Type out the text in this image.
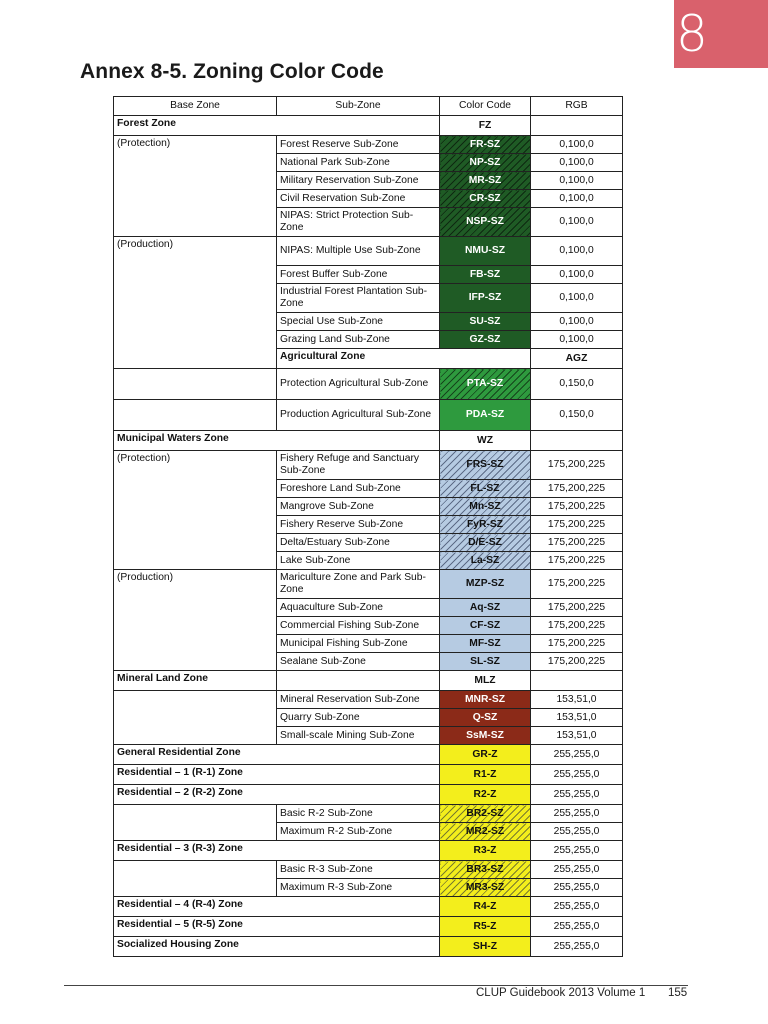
8
Annex 8-5. Zoning Color Code
Base Zone	Sub-Zone	Color Code	RGB	
Forest Zone		FZ		
(Protection)	Forest Reserve Sub-Zone	FR-SZ	0,100,0	
	National Park Sub-Zone	NP-SZ	0,100,0	
	Military Reservation Sub-Zone	MR-SZ	0,100,0	
	Civil Reservation Sub-Zone	CR-SZ	0,100,0	
	NIPAS: Strict Protection Sub-Zone	NSP-SZ	0,100,0	
(Production)	NIPAS: Multiple Use Sub-Zone	NMU-SZ	0,100,0	
	Forest Buffer Sub-Zone	FB-SZ	0,100,0	
	Industrial Forest Plantation Sub-Zone	IFP-SZ	0,100,0	
	Special Use Sub-Zone	SU-SZ	0,100,0	
	Grazing Land Sub-Zone	GZ-SZ	0,100,0	
	Agricultural Zone		AGZ	
	Protection Agricultural Sub-Zone	PTA-SZ	0,150,0	
	Production Agricultural Sub-Zone	PDA-SZ	0,150,0	
Municipal Waters Zone		WZ		
(Protection)	Fishery Refuge and Sanctuary Sub-Zone	FRS-SZ	175,200,225	
	Foreshore Land Sub-Zone	FL-SZ	175,200,225	
	Mangrove Sub-Zone	Mn-SZ	175,200,225	
	Fishery Reserve Sub-Zone	FyR-SZ	175,200,225	
	Delta/Estuary Sub-Zone	D/E-SZ	175,200,225	
	Lake Sub-Zone	La-SZ	175,200,225	
(Production)	Mariculture Zone and Park Sub-Zone	MZP-SZ	175,200,225	
	Aquaculture Sub-Zone	Aq-SZ	175,200,225	
	Commercial Fishing Sub-Zone	CF-SZ	175,200,225	
	Municipal Fishing Sub-Zone	MF-SZ	175,200,225	
	Sealane Sub-Zone	SL-SZ	175,200,225	
Mineral Land Zone		MLZ		
	Mineral Reservation Sub-Zone	MNR-SZ	153,51,0	
	Quarry Sub-Zone	Q-SZ	153,51,0	
	Small-scale Mining Sub-Zone	SsM-SZ	153,51,0	
General Residential Zone		GR-Z	255,255,0	
Residential – 1 (R-1) Zone		R1-Z	255,255,0	
Residential – 2 (R-2) Zone		R2-Z	255,255,0	
	Basic R-2 Sub-Zone	BR2-SZ	255,255,0	
	Maximum R-2 Sub-Zone	MR2-SZ	255,255,0	
Residential – 3 (R-3) Zone		R3-Z	255,255,0	
	Basic R-3 Sub-Zone	BR3-SZ	255,255,0	
	Maximum R-3 Sub-Zone	MR3-SZ	255,255,0	
Residential – 4 (R-4) Zone		R4-Z	255,255,0	
Residential – 5 (R-5) Zone		R5-Z	255,255,0	
Socialized Housing Zone		SH-Z	255,255,0	
CLUP Guidebook 2013 Volume 1 155
